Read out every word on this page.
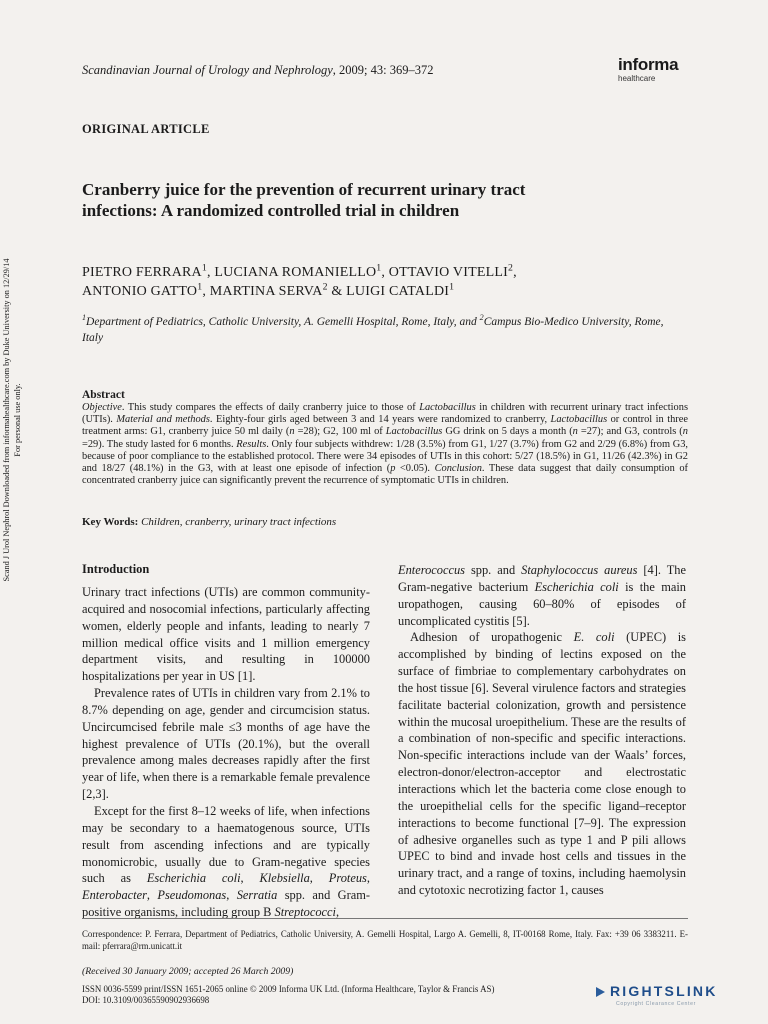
Scandinavian Journal of Urology and Nephrology, 2009; 43: 369–372	informa
healthcare
ORIGINAL ARTICLE
Cranberry juice for the prevention of recurrent urinary tract
infections: A randomized controlled trial in children
PIETRO FERRARA$^1$, LUCIANA ROMANIELLO$^1$, OTTAVIO VITELLI$^2$,
ANTONIO GATTO$^1$, MARTINA SERVA$^2$ & LUIGI CATALDI$^1$
$^1$Department of Pediatrics, Catholic University, A. Gemelli Hospital, Rome, Italy, and $^2$Campus Bio-Medico University, Rome, Italy
Scand J Urol Nephrol Downloaded from informahealthcare.com by Duke University on 12/29/14 For personal use only.	Abstract
Objective. This study compares the effects of daily cranberry juice to those of Lactobacillus in children with recurrent urinary tract infections (UTIs). Material and methods. Eighty-four girls aged between 3 and 14 years were randomized to cranberry, Lactobacillus or control in three treatment arms: G1, cranberry juice 50 ml daily (n =28); G2, 100 ml of Lactobacillus GG drink on 5 days a month (n =27); and G3, controls (n =29). The study lasted for 6 months. Results. Only four subjects withdrew: 1/28 (3.5%) from G1, 1/27 (3.7%) from G2 and 2/29 (6.8%) from G3, because of poor compliance to the established protocol. There were 34 episodes of UTIs in this cohort: 5/27 (18.5%) in G1, 11/26 (42.3%) in G2 and 18/27 (48.1%) in the G3, with at least one episode of infection (p <0.05). Conclusion. These data suggest that daily consumption of concentrated cranberry juice can significantly prevent the recurrence of symptomatic UTIs in children.
Key Words: Children, cranberry, urinary tract infections
Introduction

Urinary tract infections (UTIs) are common community-acquired and nosocomial infections, particularly affecting women, elderly people and infants, leading to nearly 7 million medical office visits and 1 million emergency department visits, and resulting in 100000 hospitalizations per year in US [1].

Prevalence rates of UTIs in children vary from 2.1% to 8.7% depending on age, gender and circumcision status. Uncircumcised febrile male ≤3 months of age have the highest prevalence of UTIs (20.1%), but the overall prevalence among males decreases rapidly after the first year of life, when there is a remarkable female prevalence [2,3].

Except for the first 8–12 weeks of life, when infections may be secondary to a haematogenous source, UTIs result from ascending infections and are typically monomicrobic, usually due to Gram-negative species such as Escherichia coli, Klebsiella, Proteus, Enterobacter, Pseudomonas, Serratia spp. and Gram-positive organisms, including group B Streptococci,

Enterococcus spp. and Staphylococcus aureus [4]. The Gram-negative bacterium Escherichia coli is the main uropathogen, causing 60–80% of episodes of uncomplicated cystitis [5].

Adhesion of uropathogenic E. coli (UPEC) is accomplished by binding of lectins exposed on the surface of fimbriae to complementary carbohydrates on the host tissue [6]. Several virulence factors and strategies facilitate bacterial colonization, growth and persistence within the mucosal uroepithelium. These are the results of a combination of non-specific and specific interactions. Non-specific interactions include van der Waals’ forces, electron-donor/electron-acceptor and electrostatic interactions which let the bacteria come close enough to the uroepithelial cells for the specific ligand–receptor interactions to become functional [7–9]. The expression of adhesive organelles such as type 1 and P pili allows UPEC to bind and invade host cells and tissues in the urinary tract, and a range of toxins, including haemolysin and cytotoxic necrotizing factor 1, causes

Correspondence: P. Ferrara, Department of Pediatrics, Catholic University, A. Gemelli Hospital, Largo A. Gemelli, 8, IT-00168 Rome, Italy. Fax: +39 06 3383211. E-mail: pferrara@rm.unicatt.it
(Received 30 January 2009; accepted 26 March 2009)
ISSN 0036-5599 print/ISSN 1651-2065 online © 2009 Informa UK Ltd. (Informa Healthcare, Taylor & Francis AS)
DOI: 10.3109/00365590902936698
RIGHTSLINK
Copyright Clearance Center
